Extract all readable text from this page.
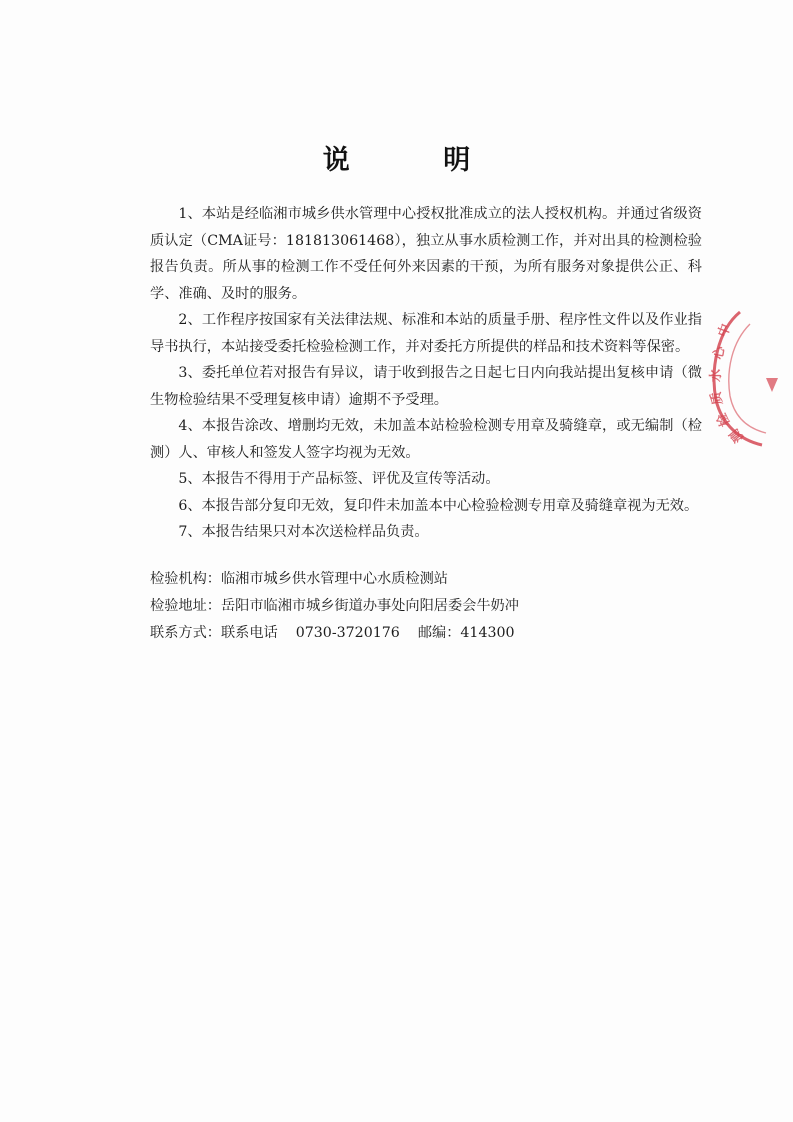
说 明

1、本站是经临湘市城乡供水管理中心授权批准成立的法人授权机构。并通过省级资质认定（CMA证号：181813061468），独立从事水质检测工作，并对出具的检测检验报告负责。所从事的检测工作不受任何外来因素的干预，为所有服务对象提供公正、科学、准确、及时的服务。

2、工作程序按国家有关法律法规、标准和本站的质量手册、程序性文件以及作业指导书执行，本站接受委托检验检测工作，并对委托方所提供的样品和技术资料等保密。

3、委托单位若对报告有异议，请于收到报告之日起七日内向我站提出复核申请（微生物检验结果不受理复核申请）逾期不予受理。

4、本报告涂改、增删均无效，未加盖本站检验检测专用章及骑缝章，或无编制（检测）人、审核人和签发人签字均视为无效。

5、本报告不得用于产品标签、评优及宣传等活动。

6、本报告部分复印无效，复印件未加盖本中心检验检测专用章及骑缝章视为无效。

7、本报告结果只对本次送检样品负责。

检验机构：临湘市城乡供水管理中心水质检测站

检验地址：岳阳市临湘市城乡街道办事处向阳居委会牛奶冲

联系方式：联系电话 0730-3720176 邮编：414300

中
心
水
质
检
测
